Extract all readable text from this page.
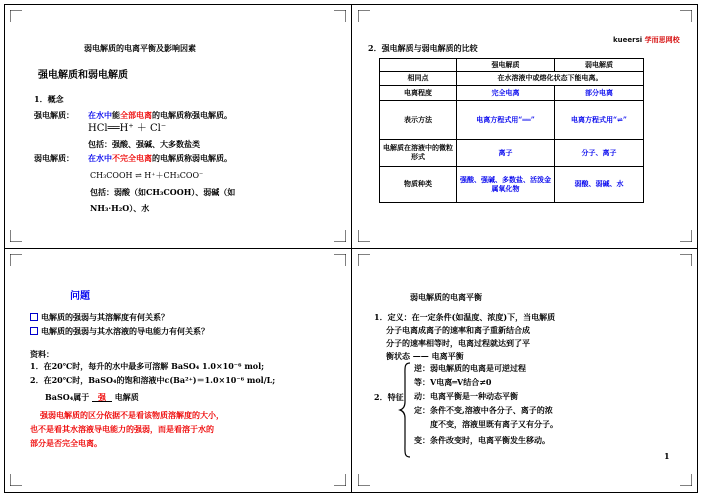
kueersi 学而思网校
弱电解质的电离平衡及影响因素
强电解质和弱电解质
1．概念
强电解质： 在水中能全部电离的电解质称强电解质。
HCl══H⁺ ＋ Cl⁻
包括：强酸、强碱、大多数盐类
弱电解质： 在水中不完全电离的电解质称弱电解质。
CH₃COOH ⇌ H⁺＋CH₃COO⁻
包括：弱酸（如CH₃COOH）、弱碱（如
NH₃·H₂O）、水
2．强电解质与弱电解质的比较
	强电解质	弱电解质
相同点	在水溶液中或熔化状态下能电离。	
电离程度	完全电离	部分电离
表示方法	电离方程式用“══”	电离方程式用“⇌”
电解质在溶液中的微粒形式	离子	分子、离子
物质种类	强酸、强碱、多数盐、活泼金属氧化物	弱酸、弱碱、水
问题
电解质的强弱与其溶解度有何关系？
电解质的强弱与其水溶液的导电能力有何关系？
资料：
1．在20℃时，每升的水中最多可溶解 BaSO₄ 1.0×10⁻⁶ mol;
2．在20℃时，BaSO₄的饱和溶液中c(Ba²⁺)＝1.0×10⁻⁶ mol/L;
BaSO₄属于 强 电解质
强弱电解质的区分依据不是看该物质溶解度的大小，
也不是看其水溶液导电能力的强弱，而是看溶于水的
部分是否完全电离。
弱电解质的电离平衡
1．定义：在一定条件(如温度、浓度)下，当电解质
分子电离成离子的速率和离子重新结合成
分子的速率相等时，电离过程就达到了平
衡状态 —— 电离平衡
2．特征
逆：弱电解质的电离是可逆过程
等：V电离═V结合≠0
动：电离平衡是一种动态平衡
定：条件不变,溶液中各分子、离子的浓
度不变，溶液里既有离子又有分子。
变：条件改变时，电离平衡发生移动。
1
